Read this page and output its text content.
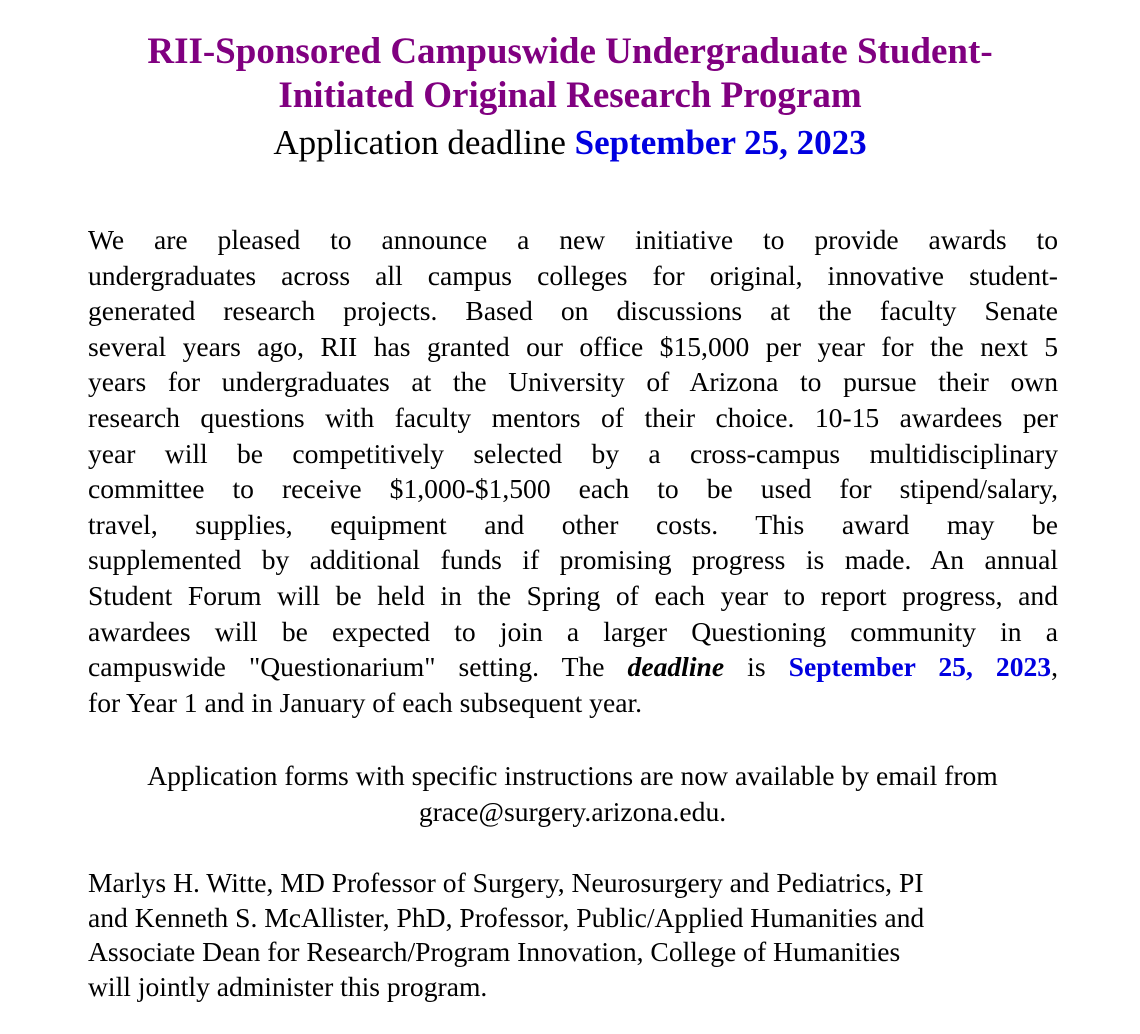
RII-Sponsored Campuswide Undergraduate Student-
Initiated Original Research Program

Application deadline September 25, 2023

We are pleased to announce a new initiative to provide awards to
undergraduates across all campus colleges for original, innovative student-
generated research projects. Based on discussions at the faculty Senate
several years ago, RII has granted our office $15,000 per year for the next 5
years for undergraduates at the University of Arizona to pursue their own
research questions with faculty mentors of their choice. 10-15 awardees per
year will be competitively selected by a cross-campus multidisciplinary
committee to receive $1,000-$1,500 each to be used for stipend/salary,
travel, supplies, equipment and other costs. This award may be
supplemented by additional funds if promising progress is made. An annual
Student Forum will be held in the Spring of each year to report progress, and
awardees will be expected to join a larger Questioning community in a
campuswide "Questionarium" setting. The deadline is September 25, 2023,
for Year 1 and in January of each subsequent year.
Application forms with specific instructions are now available by email from
grace@surgery.arizona.edu.
Marlys H. Witte, MD Professor of Surgery, Neurosurgery and Pediatrics, PI
and Kenneth S. McAllister, PhD, Professor, Public/Applied Humanities and
Associate Dean for Research/Program Innovation, College of Humanities
will jointly administer this program.
